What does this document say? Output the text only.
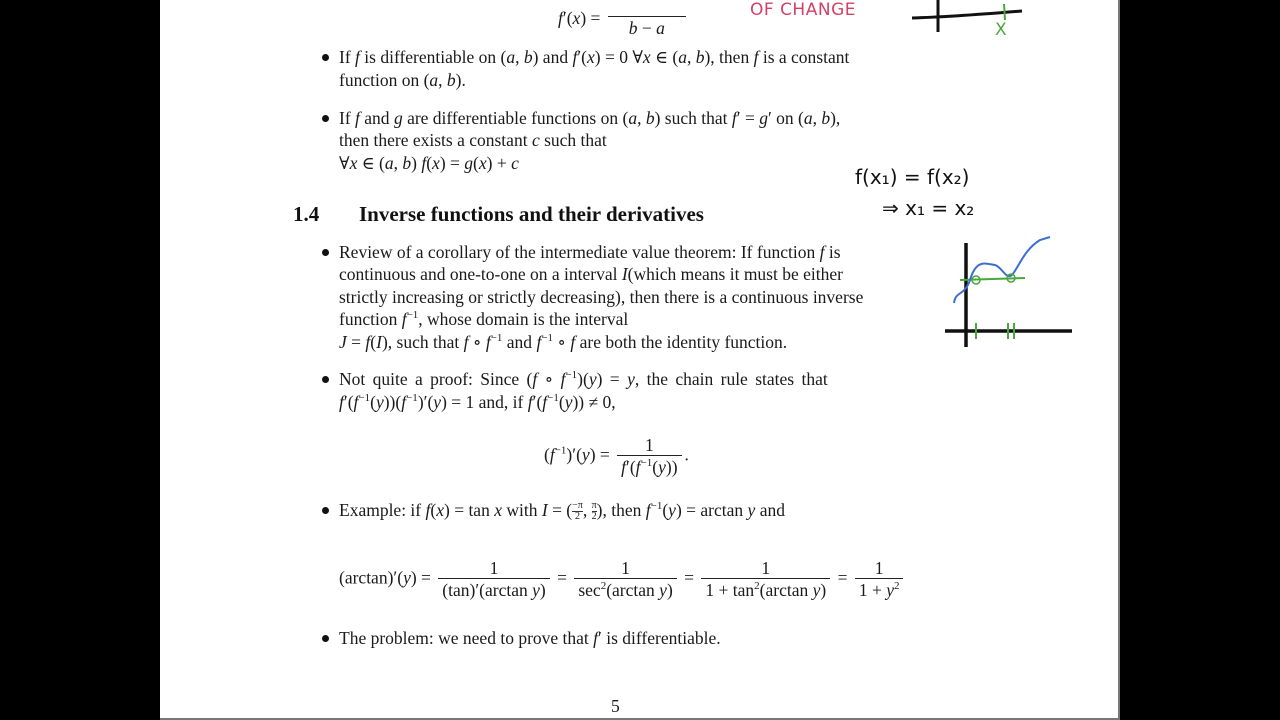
f′(x) =	b − a
OF CHANGE
X
If f is differentiable on (a, b) and f′(x) = 0 ∀x ∈ (a, b), then f is a constant
function on (a, b).
If f and g are differentiable functions on (a, b) such that f′ = g′ on (a, b),
then there exists a constant c such that
∀x ∈ (a, b) f(x) = g(x) + c
f(x₁) = f(x₂)
⇒ x₁ = x₂
1.4 Inverse functions and their derivatives
Review of a corollary of the intermediate value theorem: If function f is
continuous and one-to-one on a interval I(which means it must be either
strictly increasing or strictly decreasing), then there is a continuous inverse
function $f^{-1}$, whose domain is the interval
J = f(I), such that f ∘ $f^{-1}$ and $f^{-1}$ ∘ f are both the identity function.
Not quite a proof: Since (f ∘ $f^{-1})(y) = y$, the chain rule states that
$f'(f^{-1}(y))(f^{-1})'(y) = 1$ and, if $f'(f^{-1}(y)) \ne 0$,
$(f^{-1})'(y) = \frac{1}{f'(f^{-1}(y))}$ .
Example: if f(x) = tan x with I = ( $\frac{-\pi}{2}$ , $\frac{\pi}{2}$ ), then $f^{-1}(y) = \arctan y$ and
$(\arctan)'(y) = \frac{1}{\text{(tan)′(arctan y)}} = \frac{1}{\sec^2(\arctan y)} = \frac{1}{1 + \tan^2(\arctan y)} = \frac{1}{1 + y^2}$
The problem: we need to prove that f′ is differentiable.
5
